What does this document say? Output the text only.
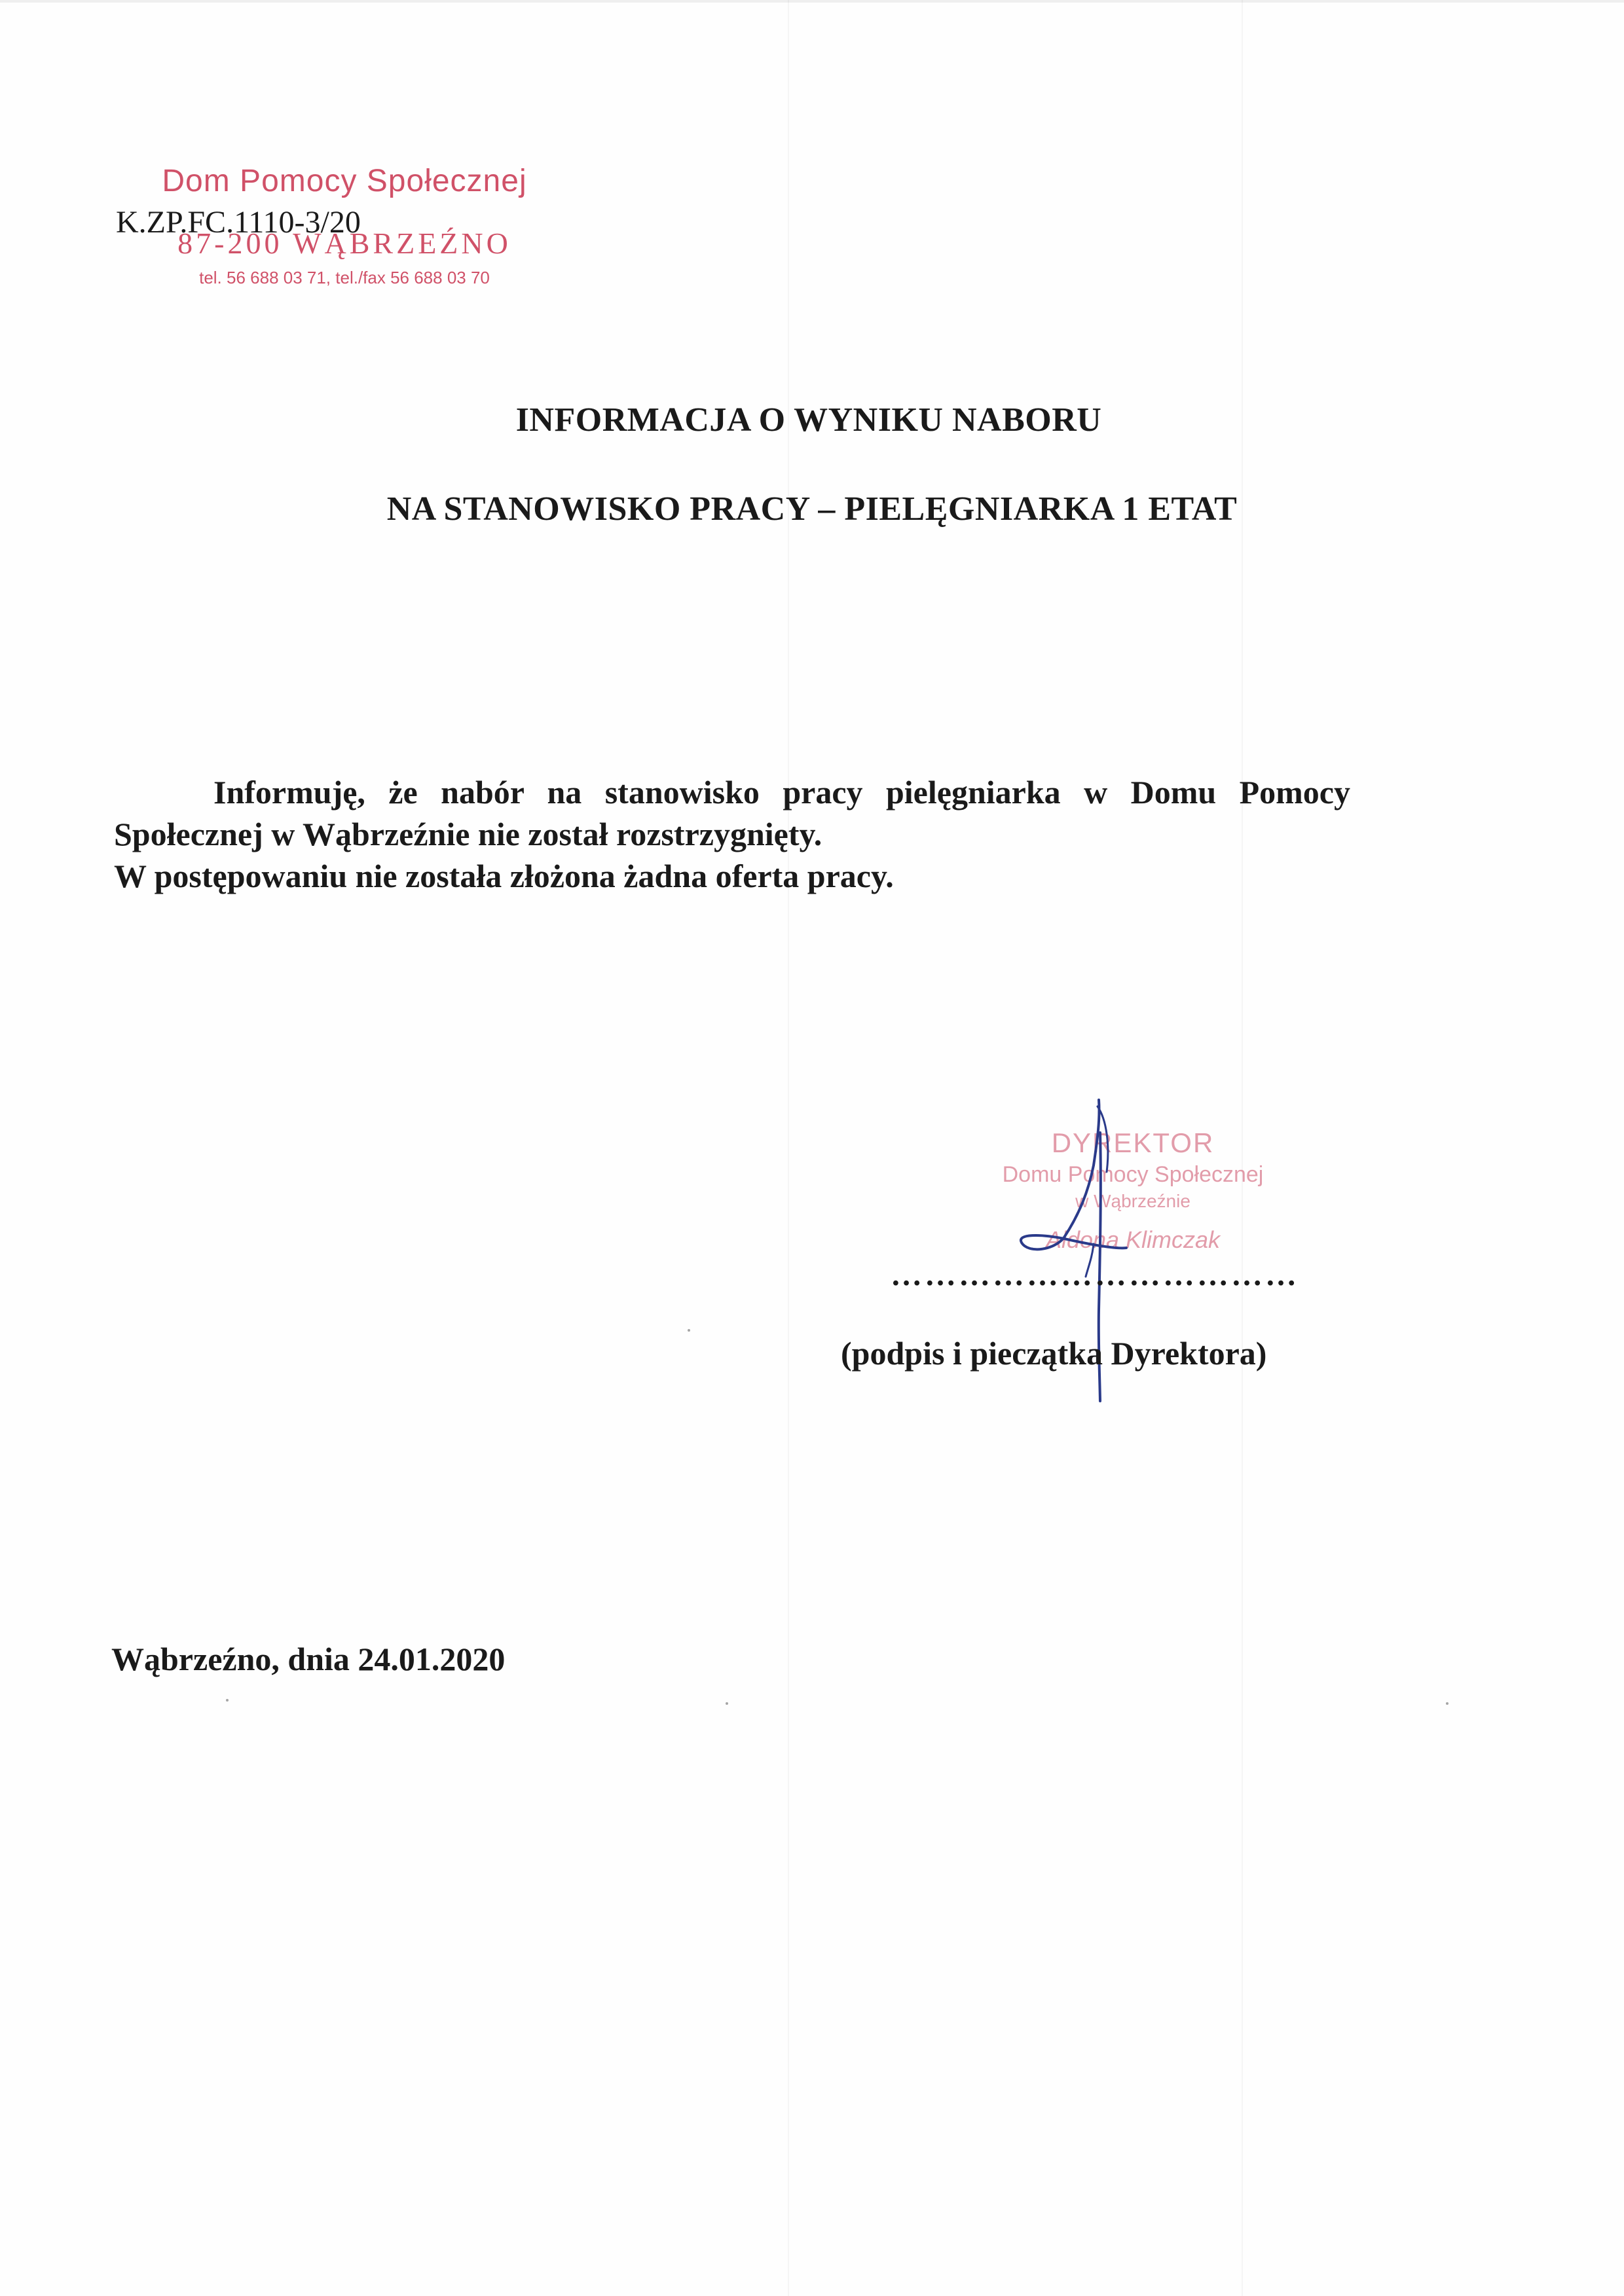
Dom Pomocy Społecznej
87-200 WĄBRZEŹNO
tel. 56 688 03 71, tel./fax 56 688 03 70
K.ZP.FC.1110-3/20
INFORMACJA O WYNIKU NABORU
NA STANOWISKO PRACY – PIELĘGNIARKA 1 ETAT
Informuję, że nabór na stanowisko pracy pielęgniarka w Domu Pomocy Społecznej w Wąbrzeźnie nie został rozstrzygnięty.
W postępowaniu nie została złożona żadna oferta pracy.
DYREKTOR
Domu Pomocy Społecznej
w Wąbrzeźnie
Aldona Klimczak
………………………………
(podpis i pieczątka Dyrektora)
Wąbrzeźno, dnia 24.01.2020
